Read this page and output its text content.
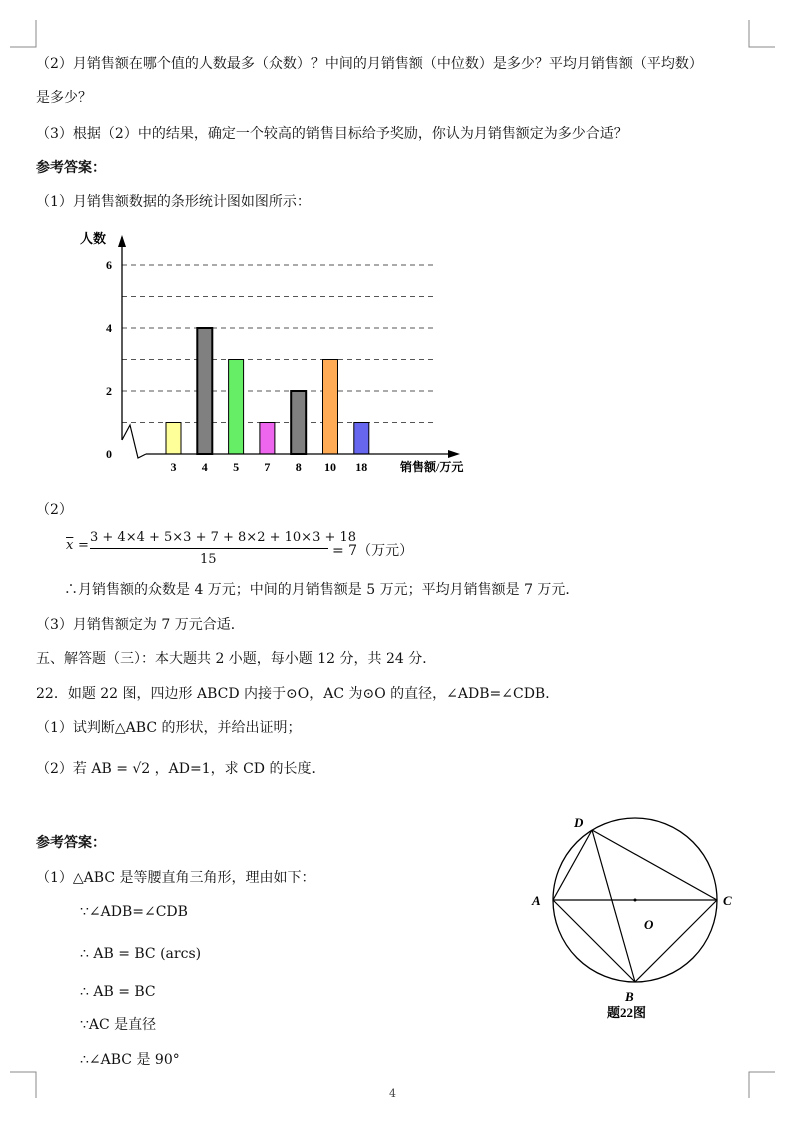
（2）月销售额在哪个值的人数最多（众数）？中间的月销售额（中位数）是多少？平均月销售额（平均数）
是多少？
（3）根据（2）中的结果，确定一个较高的销售目标给予奖励，你认为月销售额定为多少合适？
参考答案：
（1）月销售额数据的条形统计图如图所示：
0
2
4
6
3 4 5 7 8 10 18
人数
销售额/万元
（2）
$\overline{x}$ =
3 + 4×4 + 5×3 + 7 + 8×2 + 10×3 + 18
15
= 7（万元）
∴月销售额的众数是 4 万元；中间的月销售额是 5 万元；平均月销售额是 7 万元．
（3）月销售额定为 7 万元合适．
五、解答题（三）：本大题共 2 小题，每小题 12 分，共 24 分．
22．如题 22 图，四边形 ABCD 内接于⊙O，AC 为⊙O 的直径，∠ADB=∠CDB．
（1）试判断△ABC 的形状，并给出证明；
（2）若 AB = √2 ，AD=1，求 CD 的长度．
参考答案：
（1）△ABC 是等腰直角三角形，理由如下：
∵∠ADB=∠CDB
∴ AB = BC (arcs)
∴ AB = BC
∵AC 是直径
∴∠ABC 是 90°
D
A	C
O
B
题22图
4
